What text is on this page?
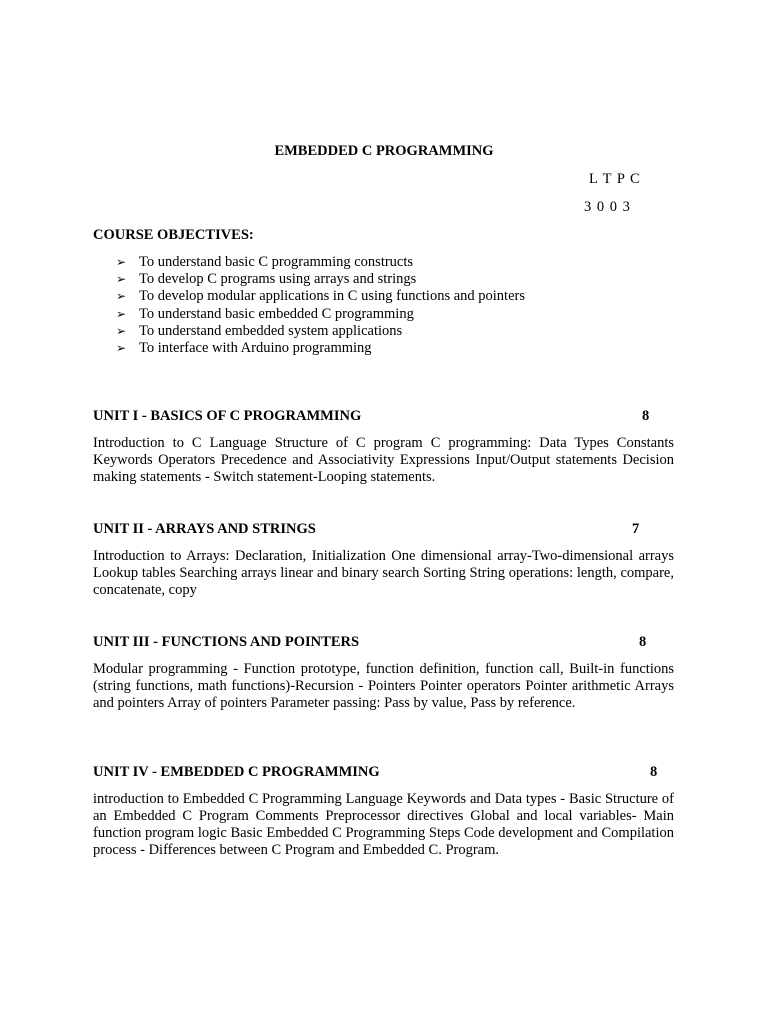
EMBEDDED C PROGRAMMING
L T P C
3 0 0 3
COURSE OBJECTIVES:
➢ To understand basic C programming constructs
➢ To develop C programs using arrays and strings
➢ To develop modular applications in C using functions and pointers
➢ To understand basic embedded C programming
➢ To understand embedded system applications
➢ To interface with Arduino programming
UNIT I - BASICS OF C PROGRAMMING	8
Introduction to C Language Structure of C program C programming: Data Types Constants Keywords Operators Precedence and Associativity Expressions Input/Output statements Decision making statements - Switch statement-Looping statements.
UNIT II - ARRAYS AND STRINGS	7
Introduction to Arrays: Declaration, Initialization One dimensional array-Two-dimensional arrays Lookup tables Searching arrays linear and binary search Sorting String operations: length, compare, concatenate, copy
UNIT III - FUNCTIONS AND POINTERS	8
Modular programming - Function prototype, function definition, function call, Built-in functions (string functions, math functions)-Recursion - Pointers Pointer operators Pointer arithmetic Arrays and pointers Array of pointers Parameter passing: Pass by value, Pass by reference.
UNIT IV - EMBEDDED C PROGRAMMING	8
introduction to Embedded C Programming Language Keywords and Data types - Basic Structure of an Embedded C Program Comments Preprocessor directives Global and local variables- Main function program logic Basic Embedded C Programming Steps Code development and Compilation process - Differences between C Program and Embedded C. Program.
